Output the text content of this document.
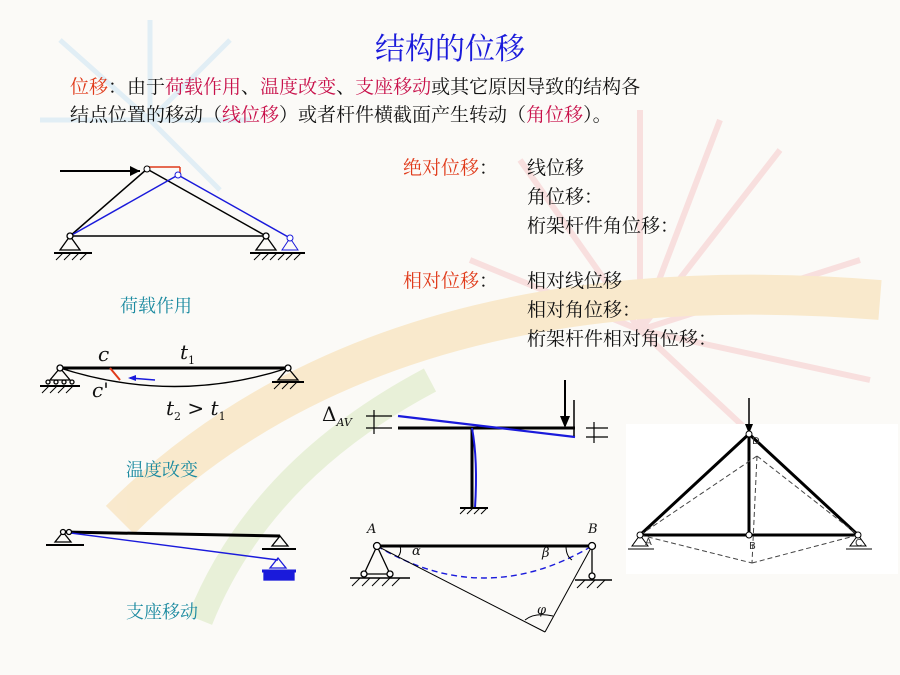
结构的位移
位移：由于荷载作用、温度改变、支座移动或其它原因导致的结构各
结点位置的移动（线位移）或者杆件横截面产生转动（角位移）。
绝对位移： 线位移
角位移：
桁架杆件角位移：
相对位移： 相对线位移
相对角位移：
桁架杆件相对角位移：
荷载作用
c
c'
$t_1$
$t_2 > t_1$
温度改变
支座移动
$\Delta_{AV}$
A	B
α	β
φ
A	B	C
D
